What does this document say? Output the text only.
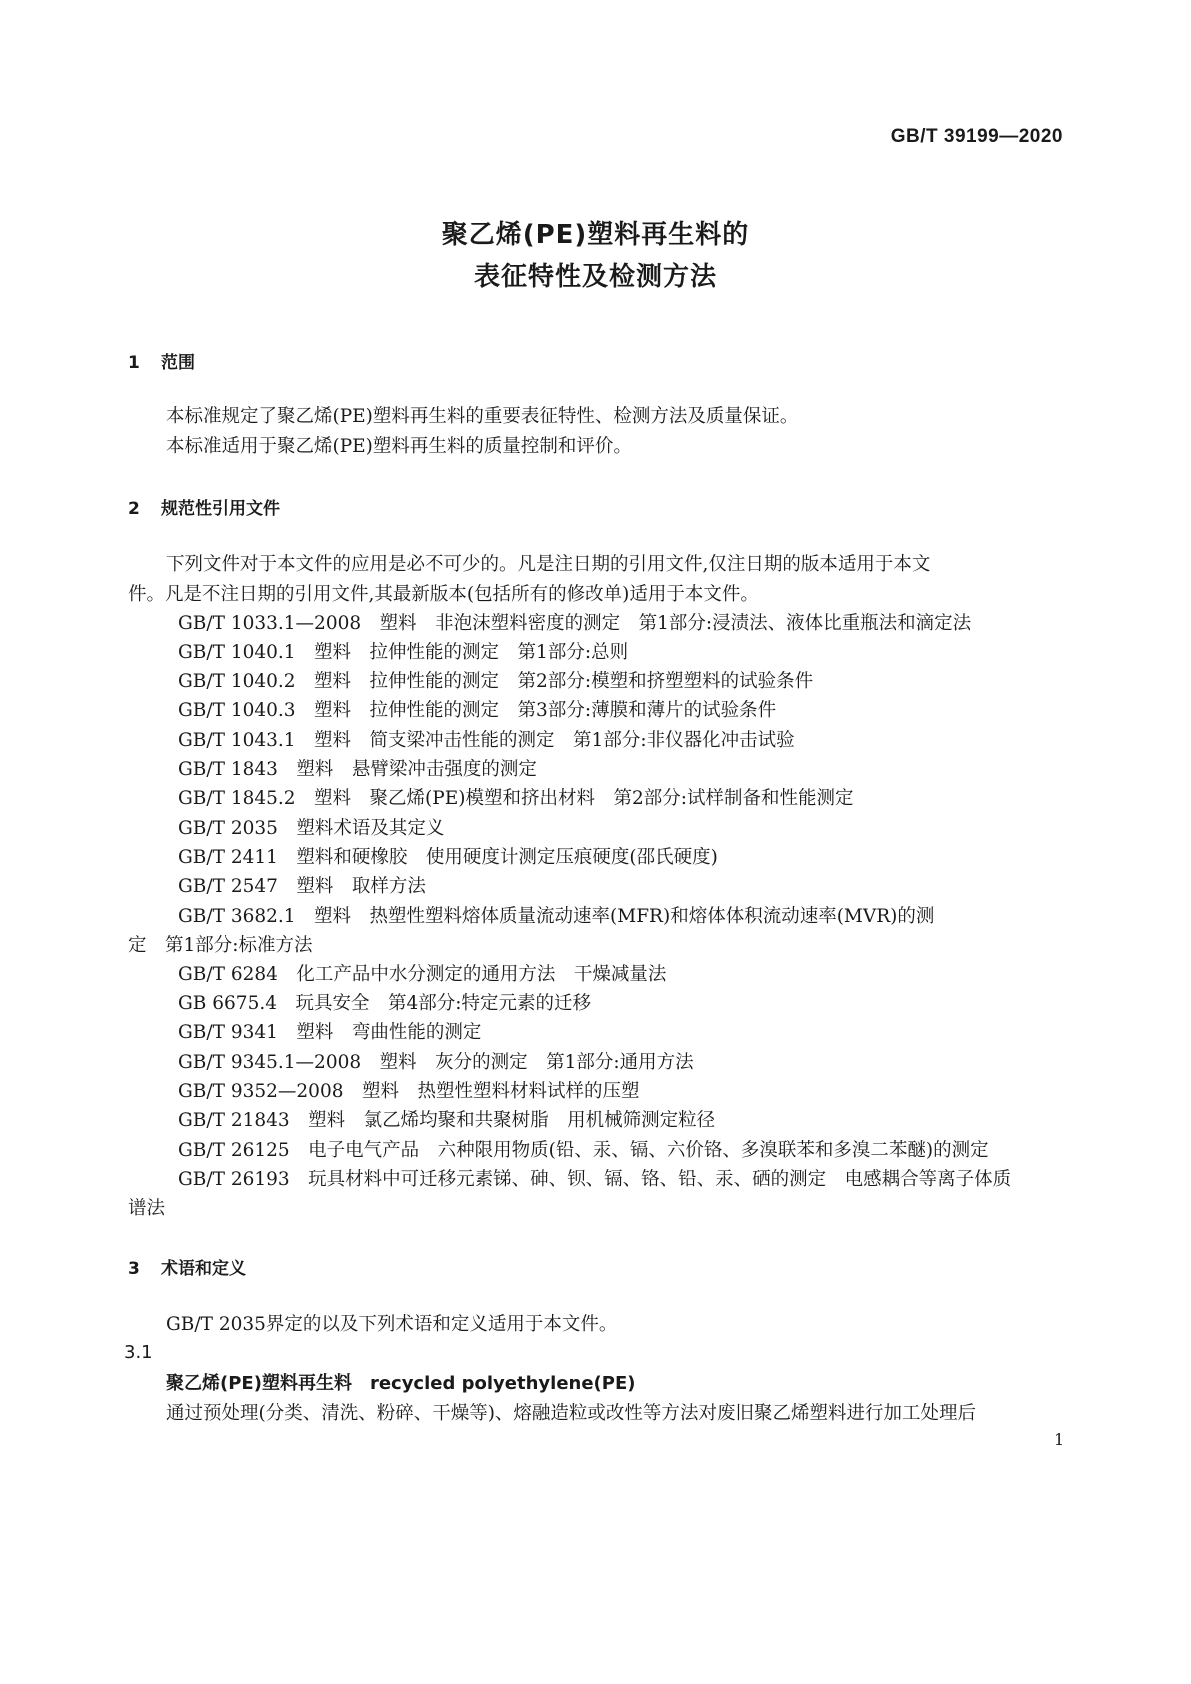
GB/T 39199—2020
聚乙烯(PE)塑料再生料的
表征特性及检测方法
1 范围
本标准规定了聚乙烯(PE)塑料再生料的重要表征特性、检测方法及质量保证。
本标准适用于聚乙烯(PE)塑料再生料的质量控制和评价。
2 规范性引用文件
下列文件对于本文件的应用是必不可少的。凡是注日期的引用文件,仅注日期的版本适用于本文
件。凡是不注日期的引用文件,其最新版本(包括所有的修改单)适用于本文件。
GB/T 1033.1—2008　塑料　非泡沫塑料密度的测定　第1部分:浸渍法、液体比重瓶法和滴定法
GB/T 1040.1　塑料　拉伸性能的测定　第1部分:总则
GB/T 1040.2　塑料　拉伸性能的测定　第2部分:模塑和挤塑塑料的试验条件
GB/T 1040.3　塑料　拉伸性能的测定　第3部分:薄膜和薄片的试验条件
GB/T 1043.1　塑料　简支梁冲击性能的测定　第1部分:非仪器化冲击试验
GB/T 1843　塑料　悬臂梁冲击强度的测定
GB/T 1845.2　塑料　聚乙烯(PE)模塑和挤出材料　第2部分:试样制备和性能测定
GB/T 2035　塑料术语及其定义
GB/T 2411　塑料和硬橡胶　使用硬度计测定压痕硬度(邵氏硬度)
GB/T 2547　塑料　取样方法
GB/T 3682.1　塑料　热塑性塑料熔体质量流动速率(MFR)和熔体体积流动速率(MVR)的测
定　第1部分:标准方法
GB/T 6284　化工产品中水分测定的通用方法　干燥减量法
GB 6675.4　玩具安全　第4部分:特定元素的迁移
GB/T 9341　塑料　弯曲性能的测定
GB/T 9345.1—2008　塑料　灰分的测定　第1部分:通用方法
GB/T 9352—2008　塑料　热塑性塑料材料试样的压塑
GB/T 21843　塑料　氯乙烯均聚和共聚树脂　用机械筛测定粒径
GB/T 26125　电子电气产品　六种限用物质(铅、汞、镉、六价铬、多溴联苯和多溴二苯醚)的测定
GB/T 26193　玩具材料中可迁移元素锑、砷、钡、镉、铬、铅、汞、硒的测定　电感耦合等离子体质
谱法
3 术语和定义
GB/T 2035界定的以及下列术语和定义适用于本文件。
3.1
聚乙烯(PE)塑料再生料　recycled polyethylene(PE)
通过预处理(分类、清洗、粉碎、干燥等)、熔融造粒或改性等方法对废旧聚乙烯塑料进行加工处理后
1
